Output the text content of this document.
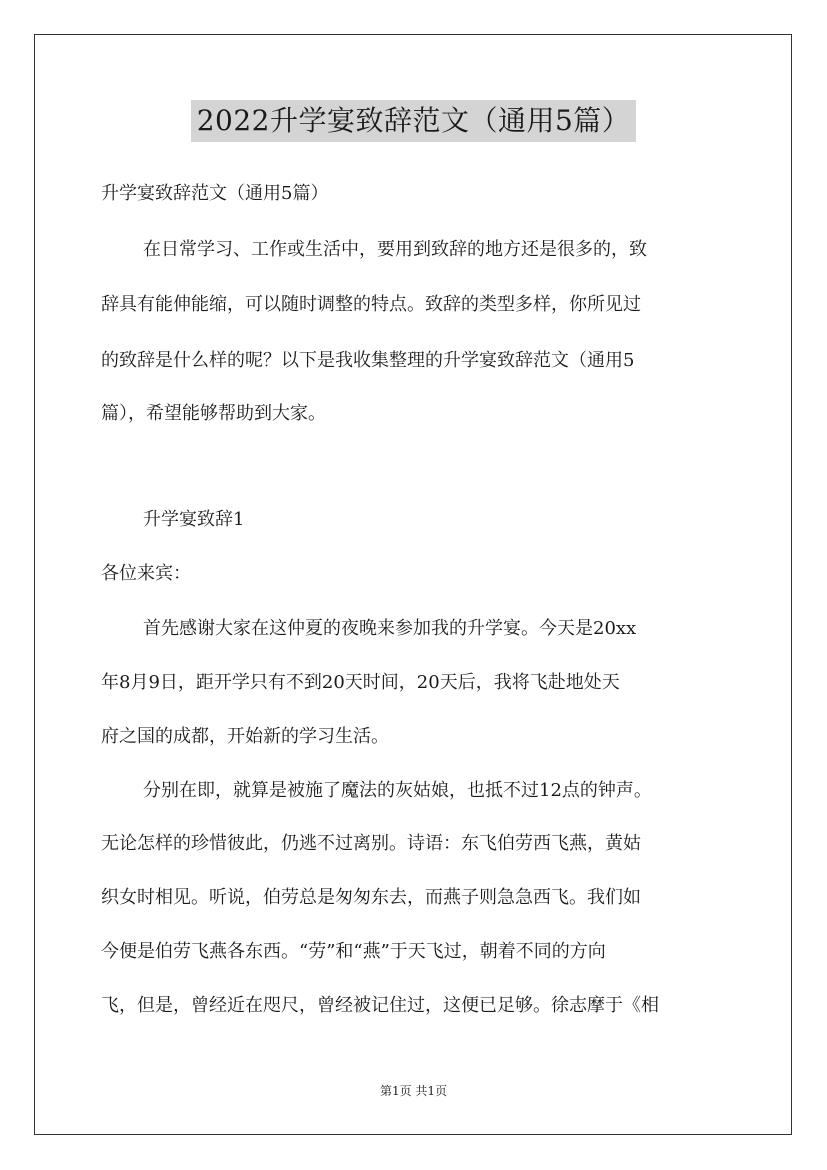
2022升学宴致辞范文（通用5篇）
升学宴致辞范文（通用5篇）
在日常学习、工作或生活中，要用到致辞的地方还是很多的，致
辞具有能伸能缩，可以随时调整的特点。致辞的类型多样，你所见过
的致辞是什么样的呢？以下是我收集整理的升学宴致辞范文（通用5
篇），希望能够帮助到大家。
升学宴致辞1
各位来宾：
首先感谢大家在这仲夏的夜晚来参加我的升学宴。今天是20xx
年8月9日，距开学只有不到20天时间，20天后，我将飞赴地处天
府之国的成都，开始新的学习生活。
分别在即，就算是被施了魔法的灰姑娘，也抵不过12点的钟声。
无论怎样的珍惜彼此，仍逃不过离别。诗语：东飞伯劳西飞燕，黄姑
织女时相见。听说，伯劳总是匆匆东去，而燕子则急急西飞。我们如
今便是伯劳飞燕各东西。“劳”和“燕”于天飞过，朝着不同的方向
飞，但是，曾经近在咫尺，曾经被记住过，这便已足够。徐志摩于《相
第1页 共1页
